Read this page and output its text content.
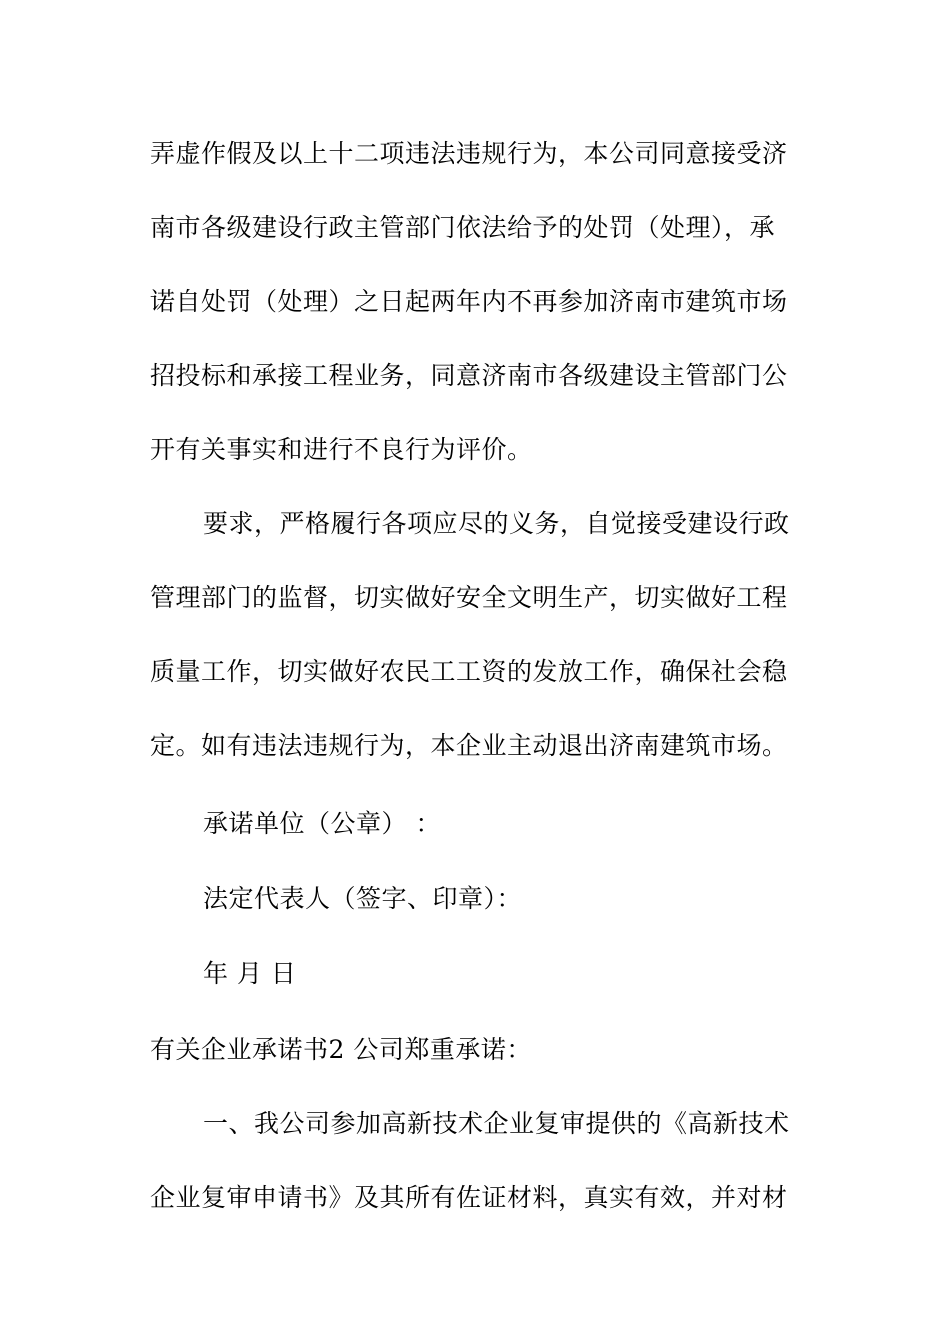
弄虚作假及以上十二项违法违规行为，本公司同意接受济
南市各级建设行政主管部门依法给予的处罚（处理），承
诺自处罚（处理）之日起两年内不再参加济南市建筑市场
招投标和承接工程业务，同意济南市各级建设主管部门公
开有关事实和进行不良行为评价。
要求，严格履行各项应尽的义务，自觉接受建设行政
管理部门的监督，切实做好安全文明生产，切实做好工程
质量工作，切实做好农民工工资的发放工作，确保社会稳
定。如有违法违规行为，本企业主动退出济南建筑市场。
承诺单位（公章） ：
法定代表人（签字、印章）：
年 月 日
有关企业承诺书2 公司郑重承诺：
一、我公司参加高新技术企业复审提供的《高新技术
企业复审申请书》及其所有佐证材料，真实有效，并对材
